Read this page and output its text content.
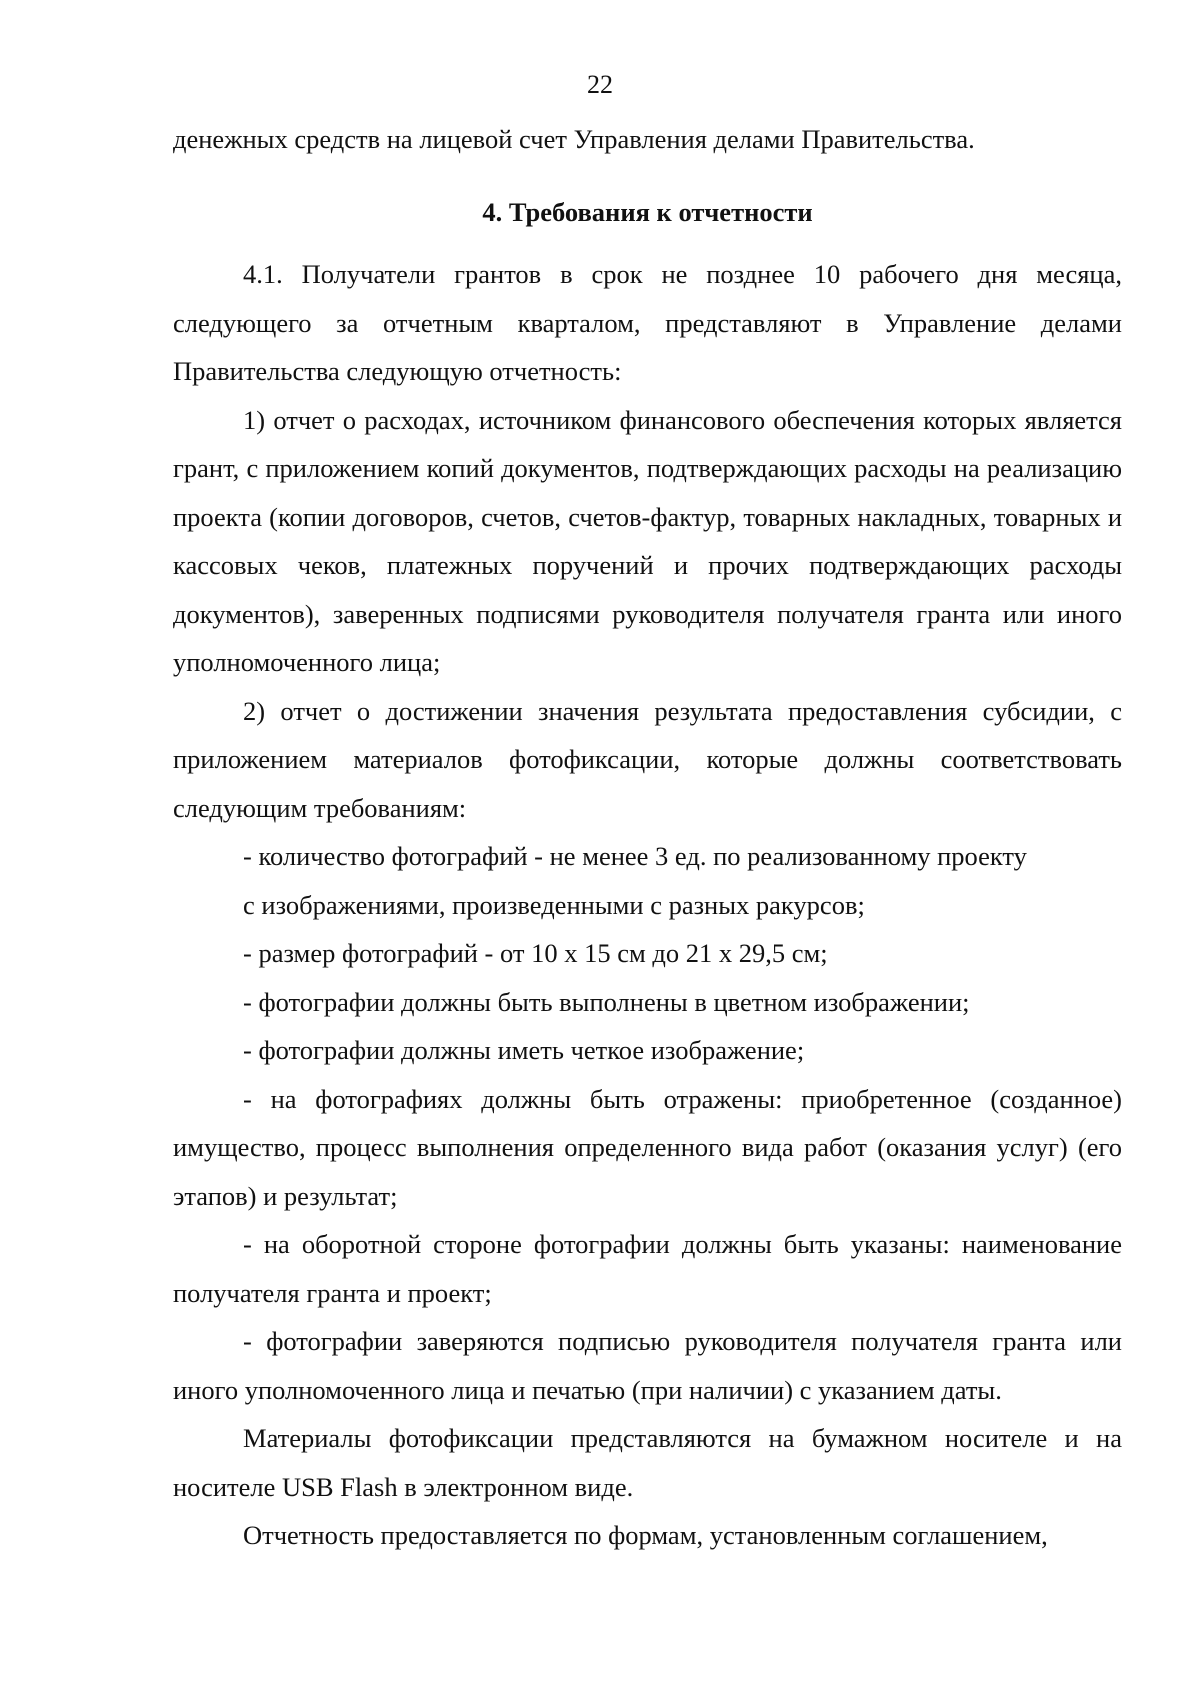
22

денежных средств на лицевой счет Управления делами Правительства.

4. Требования к отчетности

4.1. Получатели грантов в срок не позднее 10 рабочего дня месяца, следующего за отчетным кварталом, представляют в Управление делами Правительства следующую отчетность:

1) отчет о расходах, источником финансового обеспечения которых является грант, с приложением копий документов, подтверждающих расходы на реализацию проекта (копии договоров, счетов, счетов-фактур, товарных накладных, товарных и кассовых чеков, платежных поручений и прочих подтверждающих расходы документов), заверенных подписями руководителя получателя гранта или иного уполномоченного лица;

2) отчет о достижении значения результата предоставления субсидии, с приложением материалов фотофиксации, которые должны соответствовать следующим требованиям:

- количество фотографий - не менее 3 ед. по реализованному проекту

с изображениями, произведенными с разных ракурсов;

- размер фотографий - от 10 х 15 см до 21 х 29,5 см;

- фотографии должны быть выполнены в цветном изображении;

- фотографии должны иметь четкое изображение;

- на фотографиях должны быть отражены: приобретенное (созданное) имущество, процесс выполнения определенного вида работ (оказания услуг) (его этапов) и результат;

- на оборотной стороне фотографии должны быть указаны: наименование получателя гранта и проект;

- фотографии заверяются подписью руководителя получателя гранта или иного уполномоченного лица и печатью (при наличии) с указанием даты.

Материалы фотофиксации представляются на бумажном носителе и на носителе USB Flash в электронном виде.

Отчетность предоставляется по формам, установленным соглашением,
